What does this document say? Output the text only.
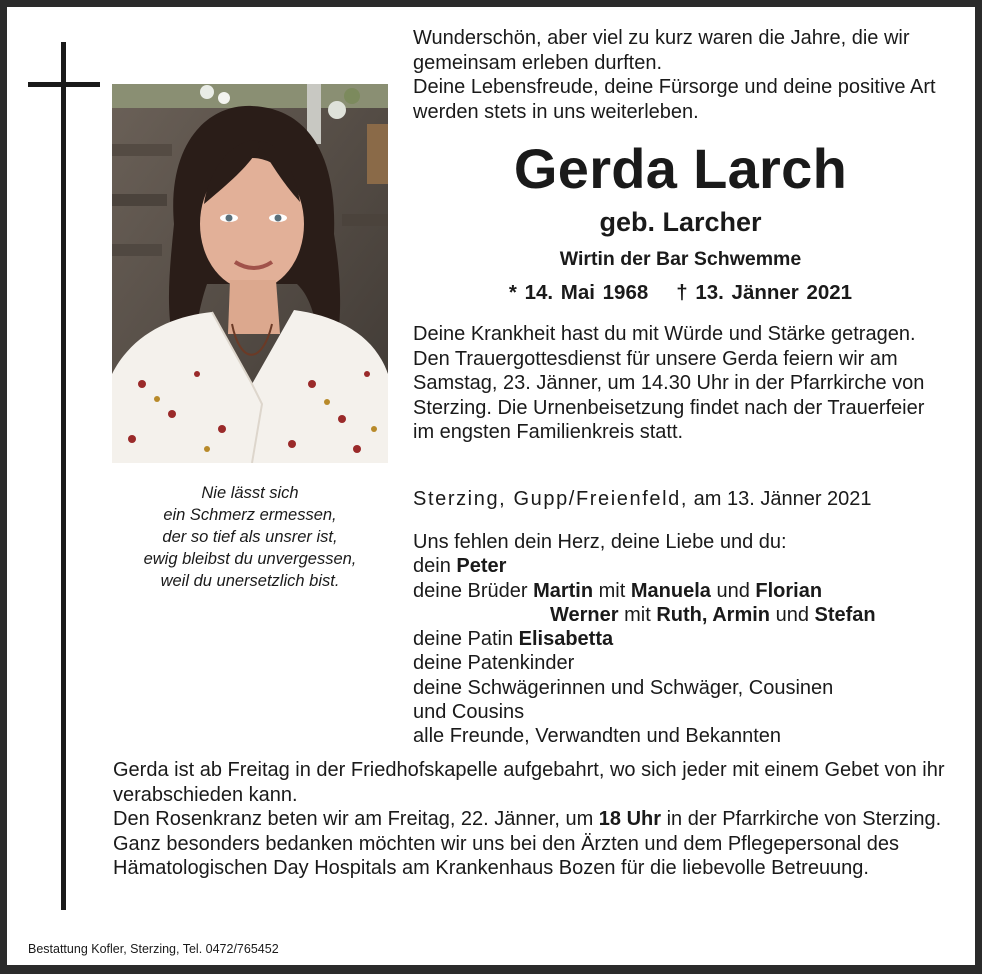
Nie lässt sich
ein Schmerz ermessen,
der so tief als unsrer ist,
ewig bleibst du unvergessen,
weil du unersetzlich bist.

Wunderschön, aber viel zu kurz waren die Jahre, die wir gemeinsam erleben durften.

Deine Lebensfreude, deine Fürsorge und deine positive Art werden stets in uns weiterleben.

Gerda Larch
geb. Larcher
Wirtin der Bar Schwemme
* 14. Mai 1968 † 13. Jänner 2021

Deine Krankheit hast du mit Würde und Stärke getragen.

Den Trauergottesdienst für unsere Gerda feiern wir am Samstag, 23. Jänner, um 14.30 Uhr in der Pfarrkirche von Sterzing. Die Urnenbeisetzung findet nach der Trauerfeier im engsten Familienkreis statt.

Sterzing, Gupp/Freienfeld, am 13. Jänner 2021
Uns fehlen dein Herz, deine Liebe und du:
dein Peter
deine Brüder Martin mit Manuela und Florian
Werner mit Ruth, Armin und Stefan
deine Patin Elisabetta
deine Patenkinder
deine Schwägerinnen und Schwäger, Cousinen
und Cousins
alle Freunde, Verwandten und Bekannten

Gerda ist ab Freitag in der Friedhofskapelle aufgebahrt, wo sich jeder mit einem Gebet von ihr verabschieden kann.

Den Rosenkranz beten wir am Freitag, 22. Jänner, um 18 Uhr in der Pfarrkirche von Sterzing.

Ganz besonders bedanken möchten wir uns bei den Ärzten und dem Pflegepersonal des Hämatologischen Day Hospitals am Krankenhaus Bozen für die liebevolle Betreuung.

Bestattung Kofler, Sterzing, Tel. 0472/765452
